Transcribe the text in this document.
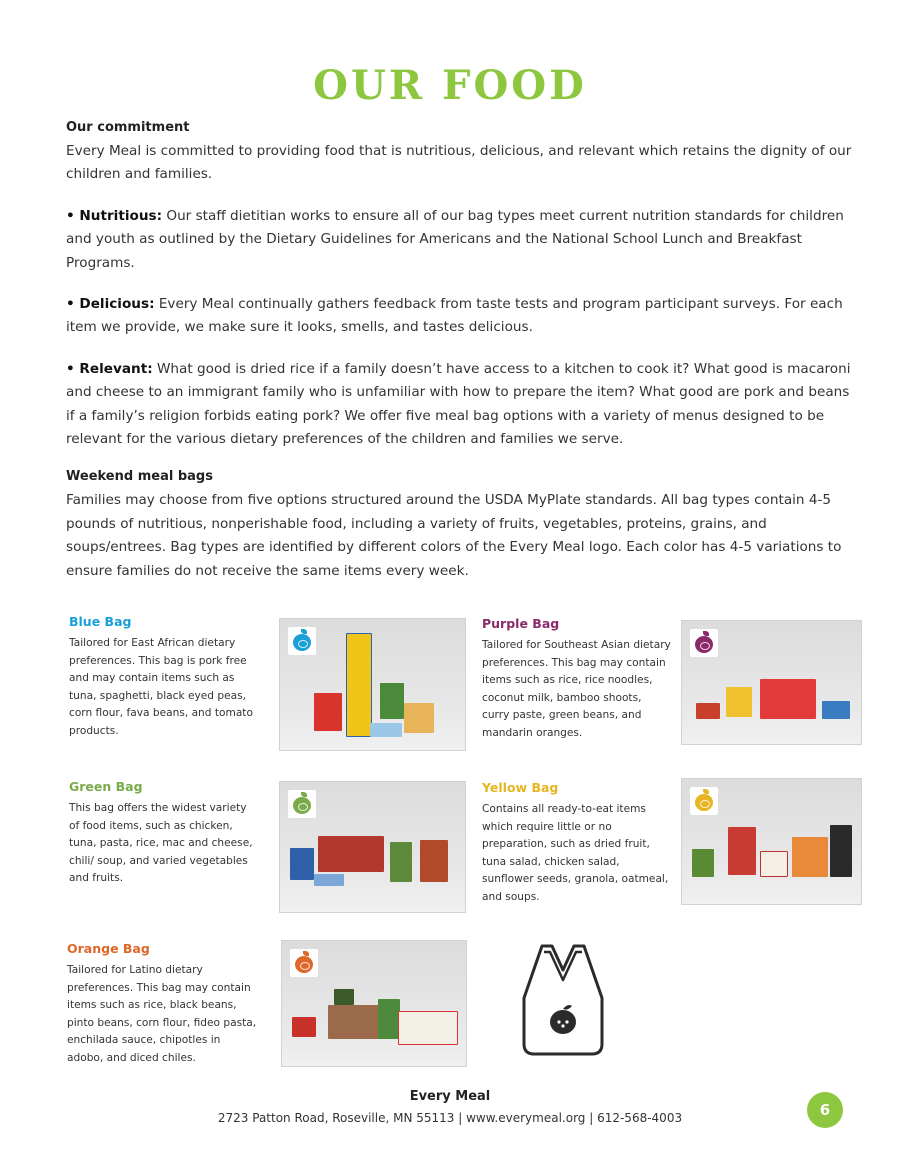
OUR FOOD
Our commitment

Every Meal is committed to providing food that is nutritious, delicious, and relevant which retains the dignity of our children and families.

• Nutritious: Our staff dietitian works to ensure all of our bag types meet current nutrition standards for children and youth as outlined by the Dietary Guidelines for Americans and the National School Lunch and Breakfast Programs.

• Delicious: Every Meal continually gathers feedback from taste tests and program participant surveys. For each item we provide, we make sure it looks, smells, and tastes delicious.

• Relevant: What good is dried rice if a family doesn’t have access to a kitchen to cook it? What good is macaroni and cheese to an immigrant family who is unfamiliar with how to prepare the item? What good are pork and beans if a family’s religion forbids eating pork? We offer five meal bag options with a variety of menus designed to be relevant for the various dietary preferences of the children and families we serve.

Weekend meal bags

Families may choose from five options structured around the USDA MyPlate standards. All bag types contain 4-5 pounds of nutritious, nonperishable food, including a variety of fruits, vegetables, proteins, grains, and soups/entrees. Bag types are identified by different colors of the Every Meal logo. Each color has 4-5 variations to ensure families do not receive the same items every week.

Blue Bag
Tailored for East African dietary preferences. This bag is pork free and may contain items such as tuna, spaghetti, black eyed peas, corn flour, fava beans, and tomato products.
Purple Bag
Tailored for Southeast Asian dietary preferences. This bag may contain items such as rice, rice noodles, coconut milk, bamboo shoots, curry paste, green beans, and mandarin oranges.
Green Bag
This bag offers the widest variety of food items, such as chicken, tuna, pasta, rice, mac and cheese, chili/ soup, and varied vegetables and fruits.
Yellow Bag
Contains all ready-to-eat items which require little or no preparation, such as dried fruit, tuna salad, chicken salad, sunflower seeds, granola, oatmeal, and soups.
Orange Bag
Tailored for Latino dietary preferences. This bag may contain items such as rice, black beans, pinto beans, corn flour, fideo pasta, enchilada sauce, chipotles in adobo, and diced chiles.
Every Meal
2723 Patton Road, Roseville, MN 55113 | www.everymeal.org | 612-568-4003	6
